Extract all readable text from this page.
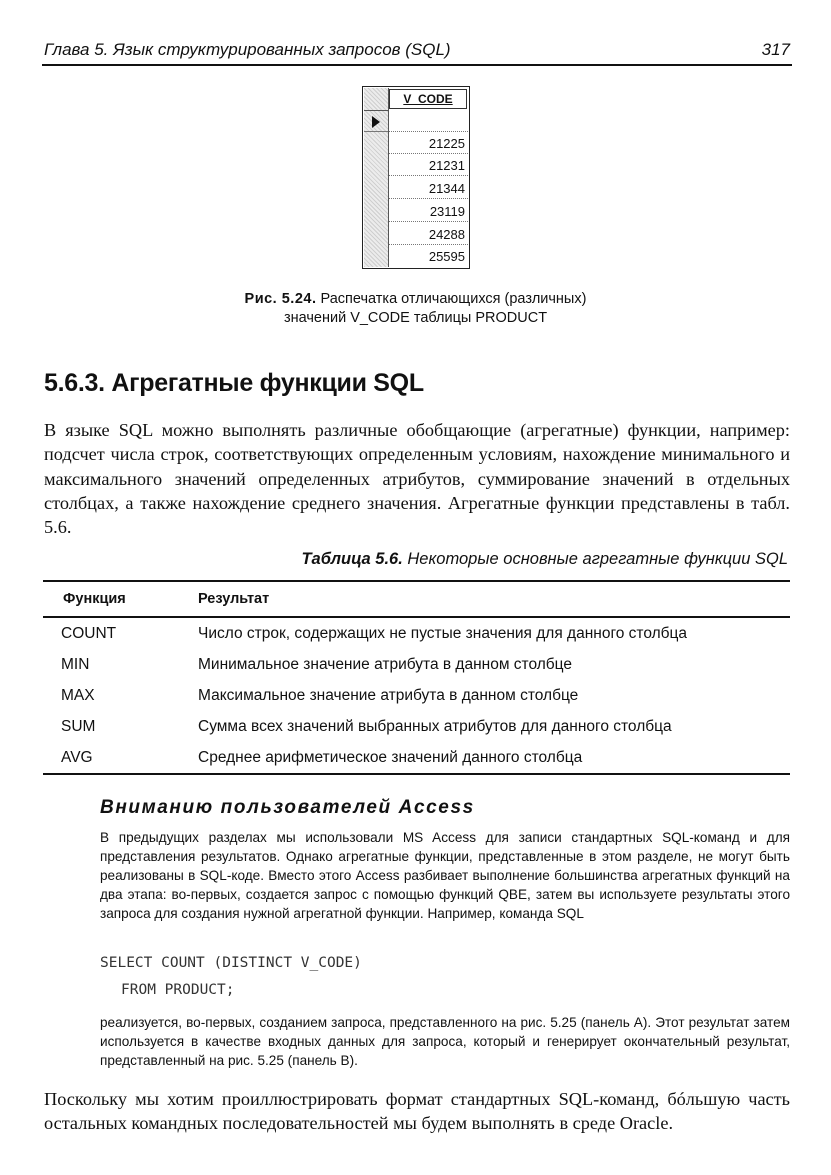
Глава 5. Язык структурированных запросов (SQL)	317
V_CODE
21225
21231
21344
23119
24288
25595
Рис. 5.24. Распечатка отличающихся (различных)
значений V_CODE таблицы PRODUCT
5.6.3. Агрегатные функции SQL
В языке SQL можно выполнять различные обобщающие (агрегатные) функции, например: подсчет числа строк, соответствующих определенным условиям, нахождение минимального и максимального значений определенных атрибутов, суммирование значений в отдельных столбцах, а также нахождение среднего значения. Агрегатные функции представлены в табл. 5.6.
Таблица 5.6. Некоторые основные агрегатные функции SQL
Функция	Результат
COUNT	Число строк, содержащих не пустые значения для данного столбца
MIN	Минимальное значение атрибута в данном столбце
MAX	Максимальное значение атрибута в данном столбце
SUM	Сумма всех значений выбранных атрибутов для данного столбца
AVG	Среднее арифметическое значений данного столбца
Вниманию пользователей Access
В предыдущих разделах мы использовали MS Access для записи стандартных SQL-команд и для представления результатов. Однако агрегатные функции, представленные в этом разделе, не могут быть реализованы в SQL-коде. Вместо этого Access разбивает выполнение большинства агрегатных функций на два этапа: во-первых, создается запрос с помощью функций QBE, затем вы используете результаты этого запроса для создания нужной агрегатной функции. Например, команда SQL
SELECT COUNT (DISTINCT V_CODE)
FROM PRODUCT;
реализуется, во-первых, созданием запроса, представленного на рис. 5.25 (панель А). Этот результат затем используется в качестве входных данных для запроса, который и генерирует окончательный результат, представленный на рис. 5.25 (панель В).
Поскольку мы хотим проиллюстрировать формат стандартных SQL-команд, бóльшую часть остальных командных последовательностей мы будем выполнять в среде Oracle.
